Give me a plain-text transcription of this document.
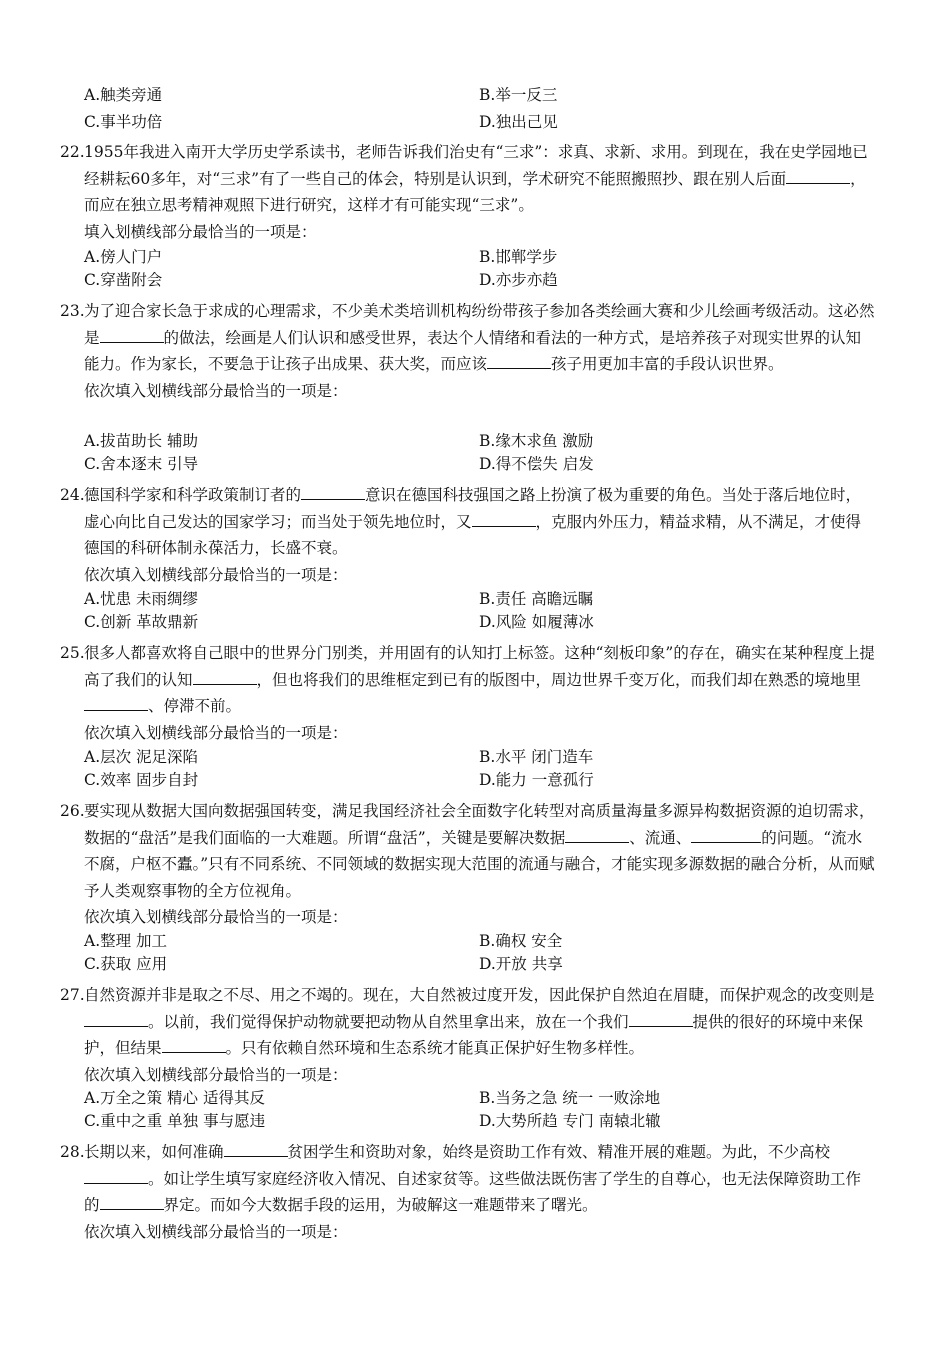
A.触类旁通	B.举一反三
C.事半功倍	D.独出己见
22. 1955年我进入南开大学历史学系读书，老师告诉我们治史有“三求”：求真、求新、求用。到现在，我在史学园地已经耕耘60多年，对“三求”有了一些自己的体会，特别是认识到，学术研究不能照搬照抄、跟在别人后面	，而应在独立思考精神观照下进行研究，这样才有可能实现“三求”。
填入划横线部分最恰当的一项是：
A.傍人门户	B.邯郸学步
C.穿凿附会	D.亦步亦趋
23. 为了迎合家长急于求成的心理需求，不少美术类培训机构纷纷带孩子参加各类绘画大赛和少儿绘画考级活动。这必然是	的做法，绘画是人们认识和感受世界，表达个人情绪和看法的一种方式，是培养孩子对现实世界的认知能力。作为家长，不要急于让孩子出成果、获大奖，而应该	孩子用更加丰富的手段认识世界。
依次填入划横线部分最恰当的一项是：
A.拔苗助长 辅助	B.缘木求鱼 激励
C.舍本逐末 引导	D.得不偿失 启发
24. 德国科学家和科学政策制订者的	意识在德国科技强国之路上扮演了极为重要的角色。当处于落后地位时，虚心向比自己发达的国家学习；而当处于领先地位时，又	，克服内外压力，精益求精，从不满足，才使得德国的科研体制永葆活力，长盛不衰。
依次填入划横线部分最恰当的一项是：
A.忧患 未雨绸缪	B.责任 高瞻远瞩
C.创新 革故鼎新	D.风险 如履薄冰
25. 很多人都喜欢将自己眼中的世界分门别类，并用固有的认知打上标签。这种“刻板印象”的存在，确实在某种程度上提高了我们的认知	，但也将我们的思维框定到已有的版图中，周边世界千变万化，而我们却在熟悉的境地里、停滞不前。
依次填入划横线部分最恰当的一项是：
A.层次 泥足深陷	B.水平 闭门造车
C.效率 固步自封	D.能力 一意孤行
26. 要实现从数据大国向数据强国转变，满足我国经济社会全面数字化转型对高质量海量多源异构数据资源的迫切需求，数据的“盘活”是我们面临的一大难题。所谓“盘活”，关键是要解决数据	、流通、	的问题。“流水不腐，户枢不蠹。”只有不同系统、不同领域的数据实现大范围的流通与融合，才能实现多源数据的融合分析，从而赋予人类观察事物的全方位视角。
依次填入划横线部分最恰当的一项是：
A.整理 加工	B.确权 安全
C.获取 应用	D.开放 共享
27. 自然资源并非是取之不尽、用之不竭的。现在，大自然被过度开发，因此保护自然迫在眉睫，而保护观念的改变则是。以前，我们觉得保护动物就要把动物从自然里拿出来，放在一个我们	提供的很好的环境中来保护，但结果	。只有依赖自然环境和生态系统才能真正保护好生物多样性。
依次填入划横线部分最恰当的一项是：
A.万全之策 精心 适得其反	B.当务之急 统一 一败涂地
C.重中之重 单独 事与愿违	D.大势所趋 专门 南辕北辙
28. 长期以来，如何准确	贫困学生和资助对象，始终是资助工作有效、精准开展的难题。为此，不少高校。如让学生填写家庭经济收入情况、自述家贫等。这些做法既伤害了学生的自尊心，也无法保障资助工作的	界定。而如今大数据手段的运用，为破解这一难题带来了曙光。
依次填入划横线部分最恰当的一项是：
